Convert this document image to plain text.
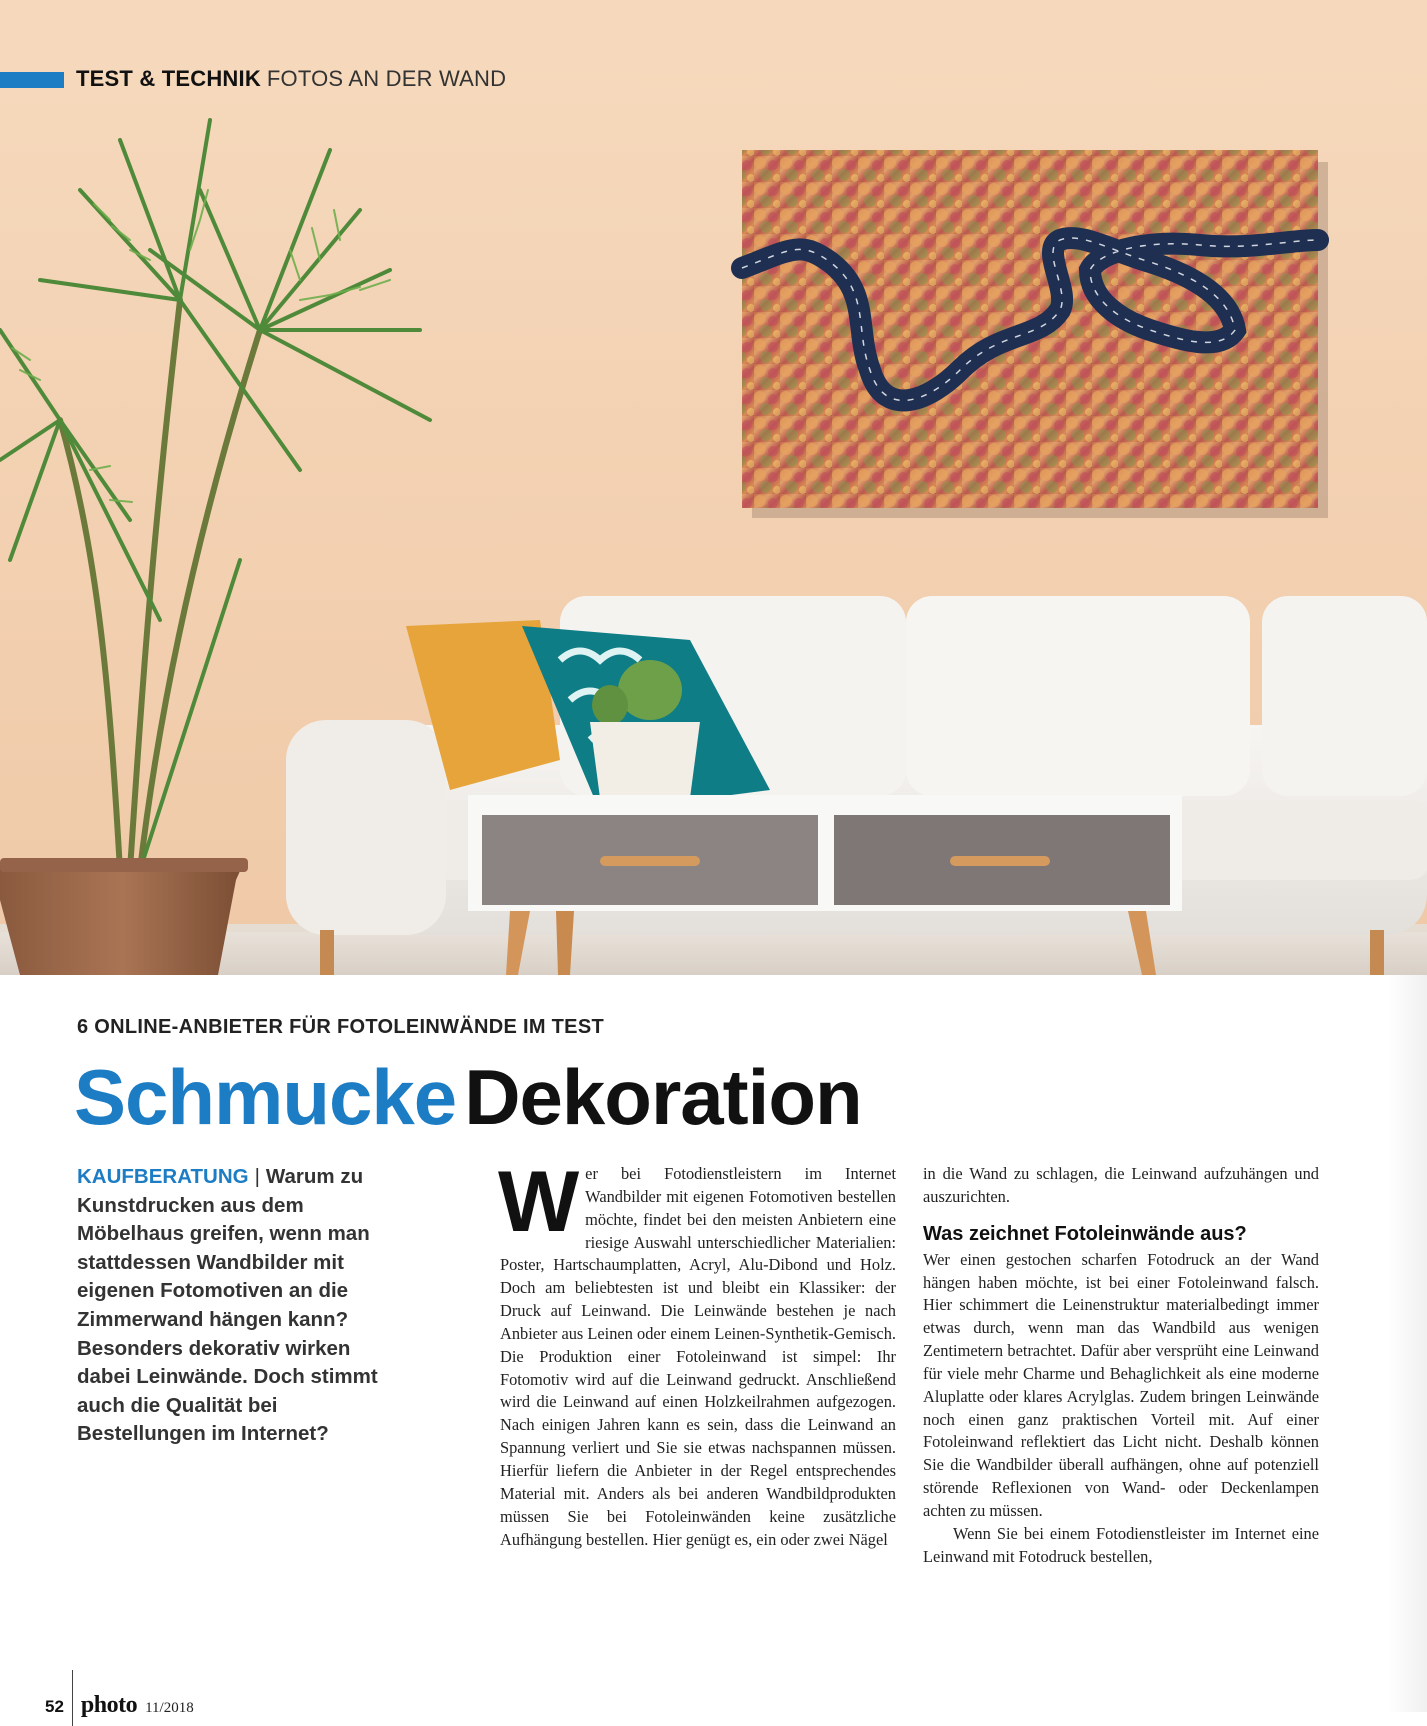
TEST & TECHNIK FOTOS AN DER WAND
6 ONLINE-ANBIETER FÜR FOTOLEINWÄNDE IM TEST
Schmucke Dekoration
KAUFBERATUNG | Warum zu Kunstdrucken aus dem Möbelhaus greifen, wenn man stattdessen Wandbilder mit eigenen Fotomotiven an die Zimmerwand hängen kann? Besonders dekorativ wirken dabei Leinwände. Doch stimmt auch die Qualität bei Bestellungen im Internet?
Wer bei Fotodienstleistern im Internet Wandbilder mit eigenen Fotomotiven bestellen möchte, findet bei den meisten Anbietern eine riesige Auswahl unterschiedlicher Materialien: Poster, Hartschaumplatten, Acryl, Alu-Dibond und Holz. Doch am beliebtesten ist und bleibt ein Klassiker: der Druck auf Leinwand. Die Leinwände bestehen je nach Anbieter aus Leinen oder einem Leinen-Synthetik-Gemisch. Die Produktion einer Fotoleinwand ist simpel: Ihr Fotomotiv wird auf die Leinwand gedruckt. Anschließend wird die Leinwand auf einen Holzkeilrahmen aufgezogen. Nach einigen Jahren kann es sein, dass die Leinwand an Spannung verliert und Sie sie etwas nachspannen müssen. Hierfür liefern die Anbieter in der Regel entsprechendes Material mit. Anders als bei anderen Wandbildprodukten müssen Sie bei Fotoleinwänden keine zusätzliche Aufhängung bestellen. Hier genügt es, ein oder zwei Nägel

in die Wand zu schlagen, die Leinwand aufzuhängen und auszurichten.

Was zeichnet Fotoleinwände aus?

Wer einen gestochen scharfen Fotodruck an der Wand hängen haben möchte, ist bei einer Fotoleinwand falsch. Hier schimmert die Leinenstruktur materialbedingt immer etwas durch, wenn man das Wandbild aus wenigen Zentimetern betrachtet. Dafür aber versprüht eine Leinwand für viele mehr Charme und Behaglichkeit als eine moderne Aluplatte oder klares Acrylglas. Zudem bringen Leinwände noch einen ganz praktischen Vorteil mit. Auf einer Fotoleinwand reflektiert das Licht nicht. Deshalb können Sie die Wandbilder überall aufhängen, ohne auf potenziell störende Reflexionen von Wand- oder Deckenlampen achten zu müssen.

Wenn Sie bei einem Fotodienstleister im Internet eine Leinwand mit Fotodruck bestellen,

52 photo 11/2018
